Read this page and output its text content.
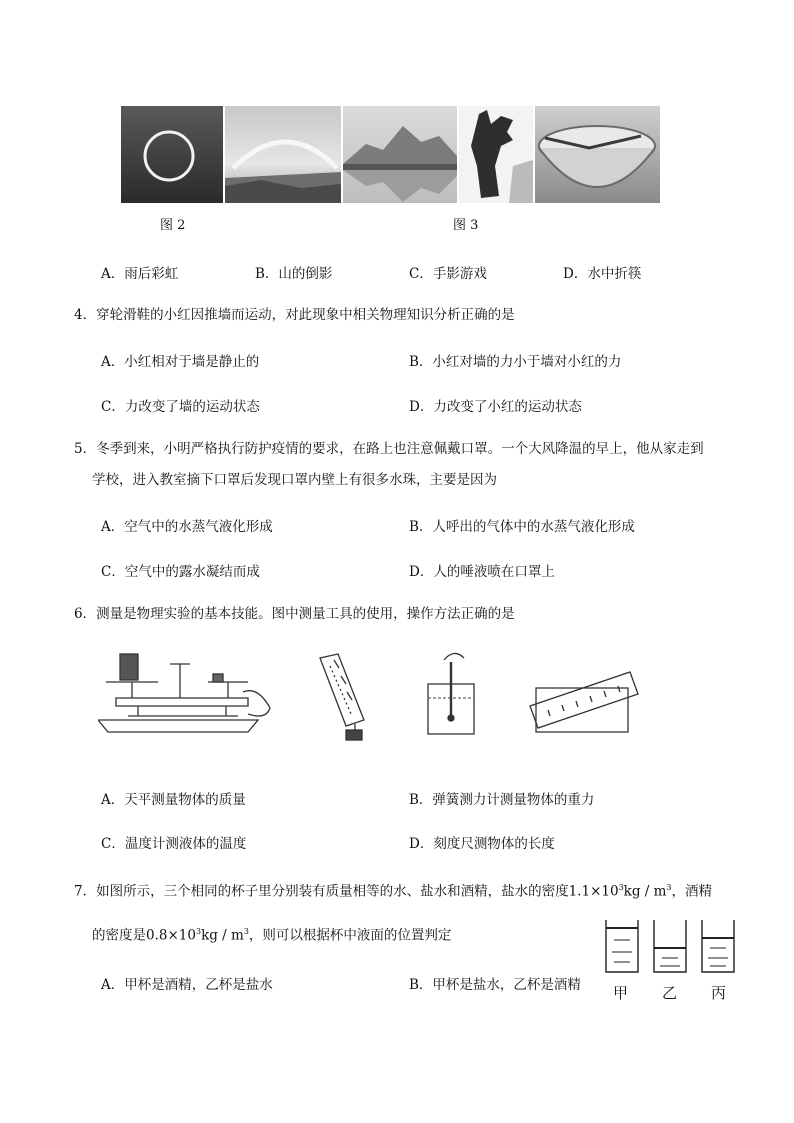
图 2	图 3
A．雨后彩虹	B．山的倒影	C．手影游戏	D．水中折筷
4．穿轮滑鞋的小红因推墙而运动，对此现象中相关物理知识分析正确的是
A．小红相对于墙是静止的	B．小红对墙的力小于墙对小红的力
C．力改变了墙的运动状态	D．力改变了小红的运动状态
5．冬季到来，小明严格执行防护疫情的要求，在路上也注意佩戴口罩。一个大风降温的早上，他从家走到
学校，进入教室摘下口罩后发现口罩内壁上有很多水珠，主要是因为
A．空气中的水蒸气液化形成	B．人呼出的气体中的水蒸气液化形成
C．空气中的露水凝结而成	D．人的唾液喷在口罩上
6．测量是物理实验的基本技能。图中测量工具的使用，操作方法正确的是
A．天平测量物体的质量	B．弹簧测力计测量物体的重力
C．温度计测液体的温度	D．刻度尺测物体的长度
7．如图所示，三个相同的杯子里分别装有质量相等的水、盐水和酒精，盐水的密度$1.1\times 10^3kg / m^3$，酒精
的密度是$0.8\times 10^3kg / m^3$，则可以根据杯中液面的位置判定
A．甲杯是酒精，乙杯是盐水	B．甲杯是盐水，乙杯是酒精 甲 乙 丙
